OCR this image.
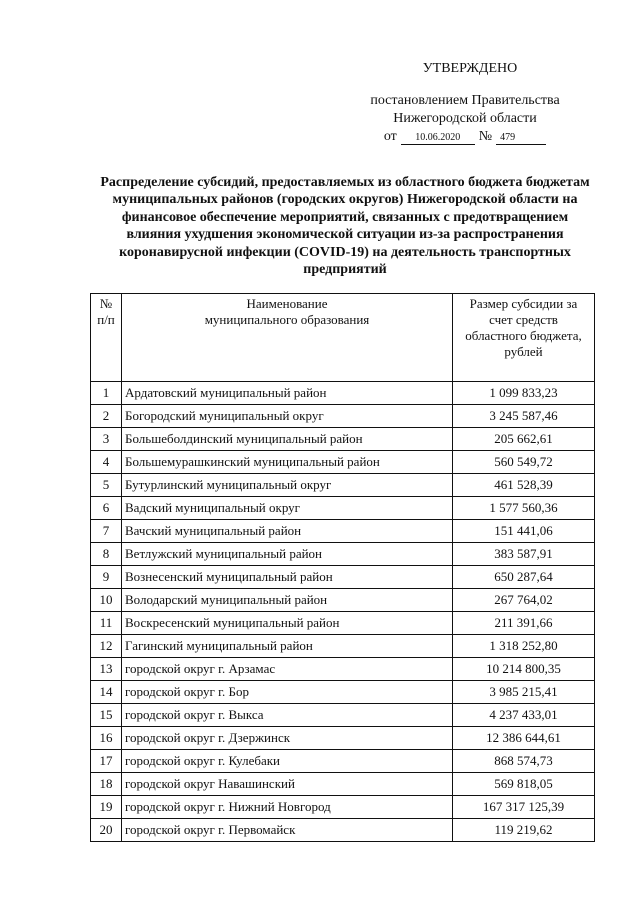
УТВЕРЖДЕНО
постановлением Правительства
Нижегородской области
от	10.06.2020	№ 479
Распределение субсидий, предоставляемых из областного бюджета бюджетам муниципальных районов (городских округов) Нижегородской области на финансовое обеспечение мероприятий, связанных с предотвращением влияния ухудшения экономической ситуации из-за распространения коронавирусной инфекции (COVID-19) на деятельность транспортных предприятий
№ п/п	Наименование муниципального образования	Размер субсидии за счет средств областного бюджета, рублей
1	Ардатовский муниципальный район	1 099 833,23
2	Богородский муниципальный округ	3 245 587,46
3	Большеболдинский муниципальный район	205 662,61
4	Большемурашкинский муниципальный район	560 549,72
5	Бутурлинский муниципальный округ	461 528,39
6	Вадский муниципальный округ	1 577 560,36
7	Вачский муниципальный район	151 441,06
8	Ветлужский муниципальный район	383 587,91
9	Вознесенский муниципальный район	650 287,64
10	Володарский муниципальный район	267 764,02
11	Воскресенский муниципальный район	211 391,66
12	Гагинский муниципальный район	1 318 252,80
13	городской округ г. Арзамас	10 214 800,35
14	городской округ г. Бор	3 985 215,41
15	городской округ г. Выкса	4 237 433,01
16	городской округ г. Дзержинск	12 386 644,61
17	городской округ г. Кулебаки	868 574,73
18	городской округ Навашинский	569 818,05
19	городской округ г. Нижний Новгород	167 317 125,39
20	городской округ г. Первомайск	119 219,62
